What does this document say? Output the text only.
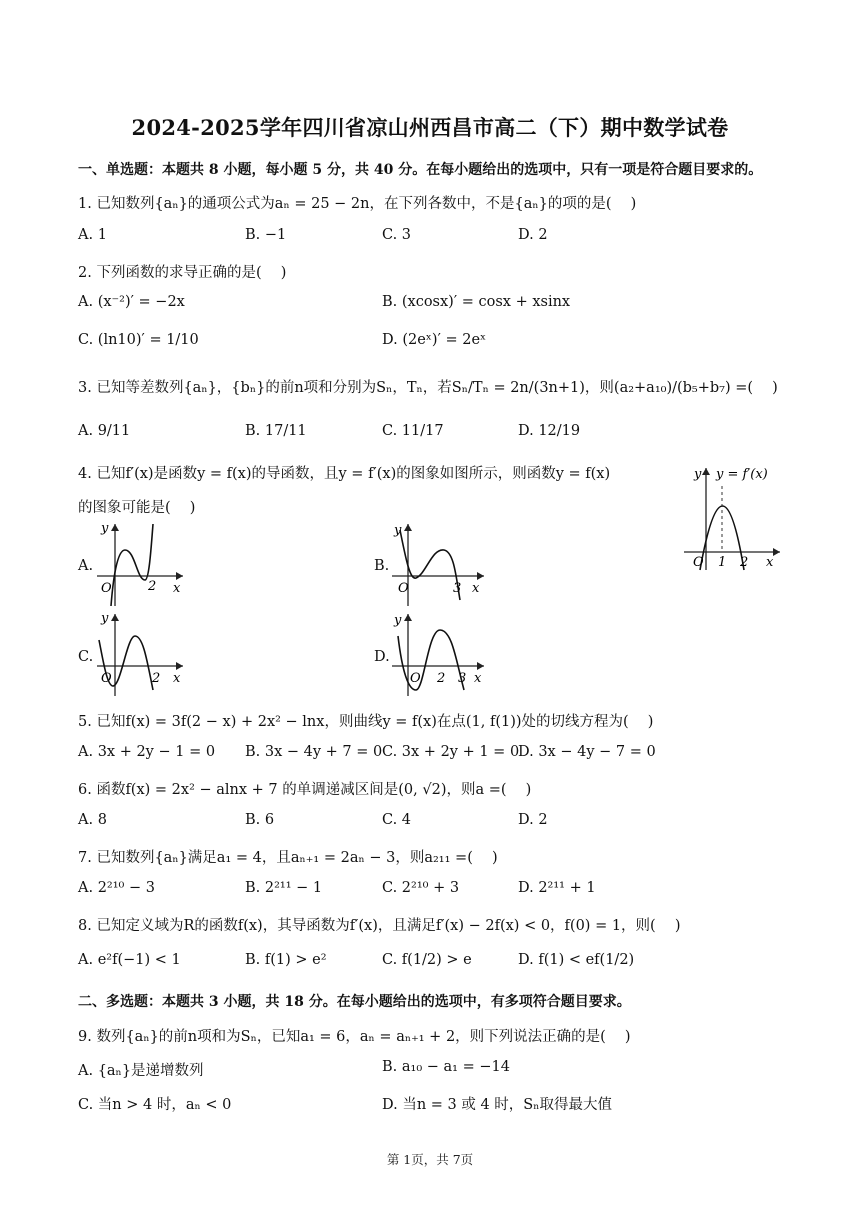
2024-2025学年四川省凉山州西昌市高二（下）期中数学试卷
一、单选题：本题共 8 小题，每小题 5 分，共 40 分。在每小题给出的选项中，只有一项是符合题目要求的。
1. 已知数列{aₙ}的通项公式为aₙ = 25 − 2n，在下列各数中，不是{aₙ}的项的是(　 )
A. 1	B. −1	C. 3	D. 2
2. 下列函数的求导正确的是(　 )
A. (x⁻²)′ = −2x	B. (xcosx)′ = cosx + xsinx
C. (ln10)′ = 1/10	D. (2eˣ)′ = 2eˣ
3. 已知等差数列{aₙ}，{bₙ}的前n项和分别为Sₙ，Tₙ，若Sₙ/Tₙ = 2n/(3n+1)，则(a₂+a₁₀)/(b₅+b₇) =(　 )
A. 9/11	B. 17/11	C. 11/17	D. 12/19
4. 已知f′(x)是函数y = f(x)的导函数，且y = f′(x)的图象如图所示，则函数y = f(x)
的图象可能是(　 )
y y = f′(x)
O 1 2 x
A.
y
O	2 x
B.
y
O	3 x
C.
y
O	2 x
D.
y
O 2 3 x
5. 已知f(x) = 3f(2 − x) + 2x² − lnx，则曲线y = f(x)在点(1, f(1))处的切线方程为(　 )
A. 3x + 2y − 1 = 0 B. 3x − 4y + 7 = 0 C. 3x + 2y + 1 = 0
D. 3x − 4y − 7 = 0
6. 函数f(x) = 2x² − alnx + 7 的单调递减区间是(0, √2)，则a =(　 )
A. 8	B. 6	C. 4	D. 2
7. 已知数列{aₙ}满足a₁ = 4，且aₙ₊₁ = 2aₙ − 3，则a₂₁₁ =(　 )
A. 2²¹⁰ − 3	B. 2²¹¹ − 1	C. 2²¹⁰ + 3	D. 2²¹¹ + 1
8. 已知定义域为R的函数f(x)，其导函数为f′(x)，且满足f′(x) − 2f(x) < 0，f(0) = 1，则(　 )
A. e²f(−1) < 1	B. f(1) > e²	C. f(1/2) > e	D. f(1) < ef(1/2)
二、多选题：本题共 3 小题，共 18 分。在每小题给出的选项中，有多项符合题目要求。
9. 数列{aₙ}的前n项和为Sₙ，已知a₁ = 6，aₙ = aₙ₊₁ + 2，则下列说法正确的是(　 )
A. {aₙ}是递增数列	B. a₁₀ − a₁ = −14
C. 当n > 4 时，aₙ < 0	D. 当n = 3 或 4 时，Sₙ取得最大值
第 1页，共 7页
